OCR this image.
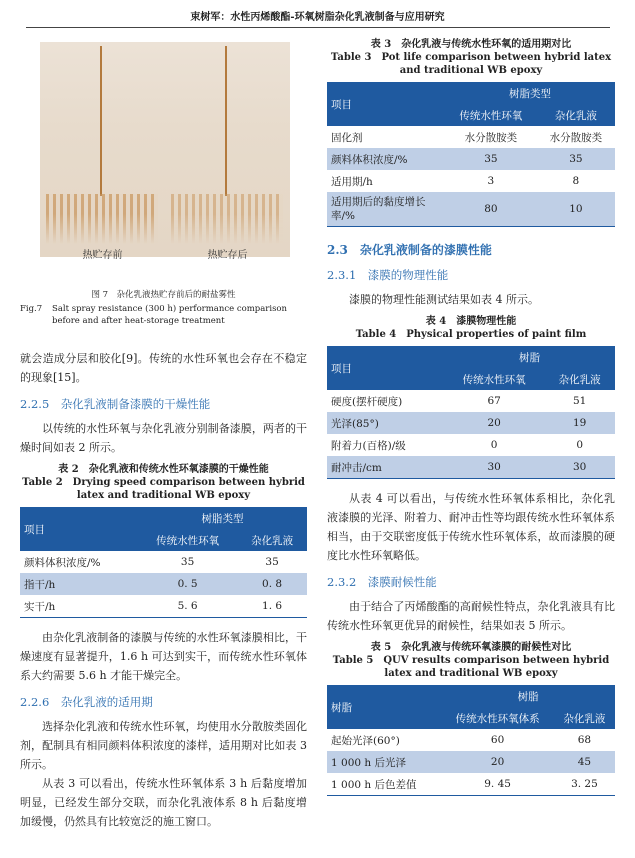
束树军：水性丙烯酸酯-环氧树脂杂化乳液制备与应用研究
热贮存前	热贮存后
图 7　杂化乳液热贮存前后的耐盐雾性
Fig.7 Salt spray resistance (300 h) performance comparison before and after heat-storage treatment

就会造成分层和胶化[9]。传统的水性环氧也会存在不稳定的现象[15]。

2.2.5　杂化乳液制备漆膜的干燥性能

以传统的水性环氧与杂化乳液分别制备漆膜，两者的干燥时间如表 2 所示。

表 2　杂化乳液和传统水性环氧漆膜的干燥性能
Table 2　Drying speed comparison between hybrid latex and traditional WB epoxy
项目	树脂类型	
	传统水性环氧	杂化乳液
颜料体积浓度/%	35	35
指干/h	0. 5	0. 8
实干/h	5. 6	1. 6

由杂化乳液制备的漆膜与传统的水性环氧漆膜相比，干燥速度有显著提升，1.6 h 可达到实干，而传统水性环氧体系大约需要 5.6 h 才能干燥完全。

2.2.6　杂化乳液的适用期

选择杂化乳液和传统水性环氧，均使用水分散胺类固化剂，配制具有相同颜料体积浓度的漆样，适用期对比如表 3 所示。

从表 3 可以看出，传统水性环氧体系 3 h 后黏度增加明显，已经发生部分交联，而杂化乳液体系 8 h 后黏度增加缓慢，仍然具有比较宽泛的施工窗口。

表 3　杂化乳液与传统水性环氧的适用期对比
Table 3　Pot life comparison between hybrid latex and traditional WB epoxy
项目	树脂类型	
	传统水性环氧	杂化乳液
固化剂	水分散胺类	水分散胺类
颜料体积浓度/%	35	35
适用期/h	3	8
适用期后的黏度增长率/%	80	10
2.3　杂化乳液制备的漆膜性能
2.3.1　漆膜的物理性能

漆膜的物理性能测试结果如表 4 所示。

表 4　漆膜物理性能
Table 4　Physical properties of paint film
项目	树脂	
	传统水性环氧	杂化乳液
硬度(摆杆硬度)	67	51
光泽(85°)	20	19
附着力(百格)/级	0	0
耐冲击/cm	30	30

从表 4 可以看出，与传统水性环氧体系相比，杂化乳液漆膜的光泽、附着力、耐冲击性等均跟传统水性环氧体系相当，由于交联密度低于传统水性环氧体系，故而漆膜的硬度比水性环氧略低。

2.3.2　漆膜耐候性能

由于结合了丙烯酸酯的高耐候性特点，杂化乳液具有比传统水性环氧更优异的耐候性，结果如表 5 所示。

表 5　杂化乳液与传统环氧漆膜的耐候性对比
Table 5　QUV results comparison between hybrid latex and traditional WB epoxy
树脂	树脂	
	传统水性环氧体系	杂化乳液
起始光泽(60°)	60	68
1 000 h 后光泽	20	45
1 000 h 后色差值	9. 45	3. 25
